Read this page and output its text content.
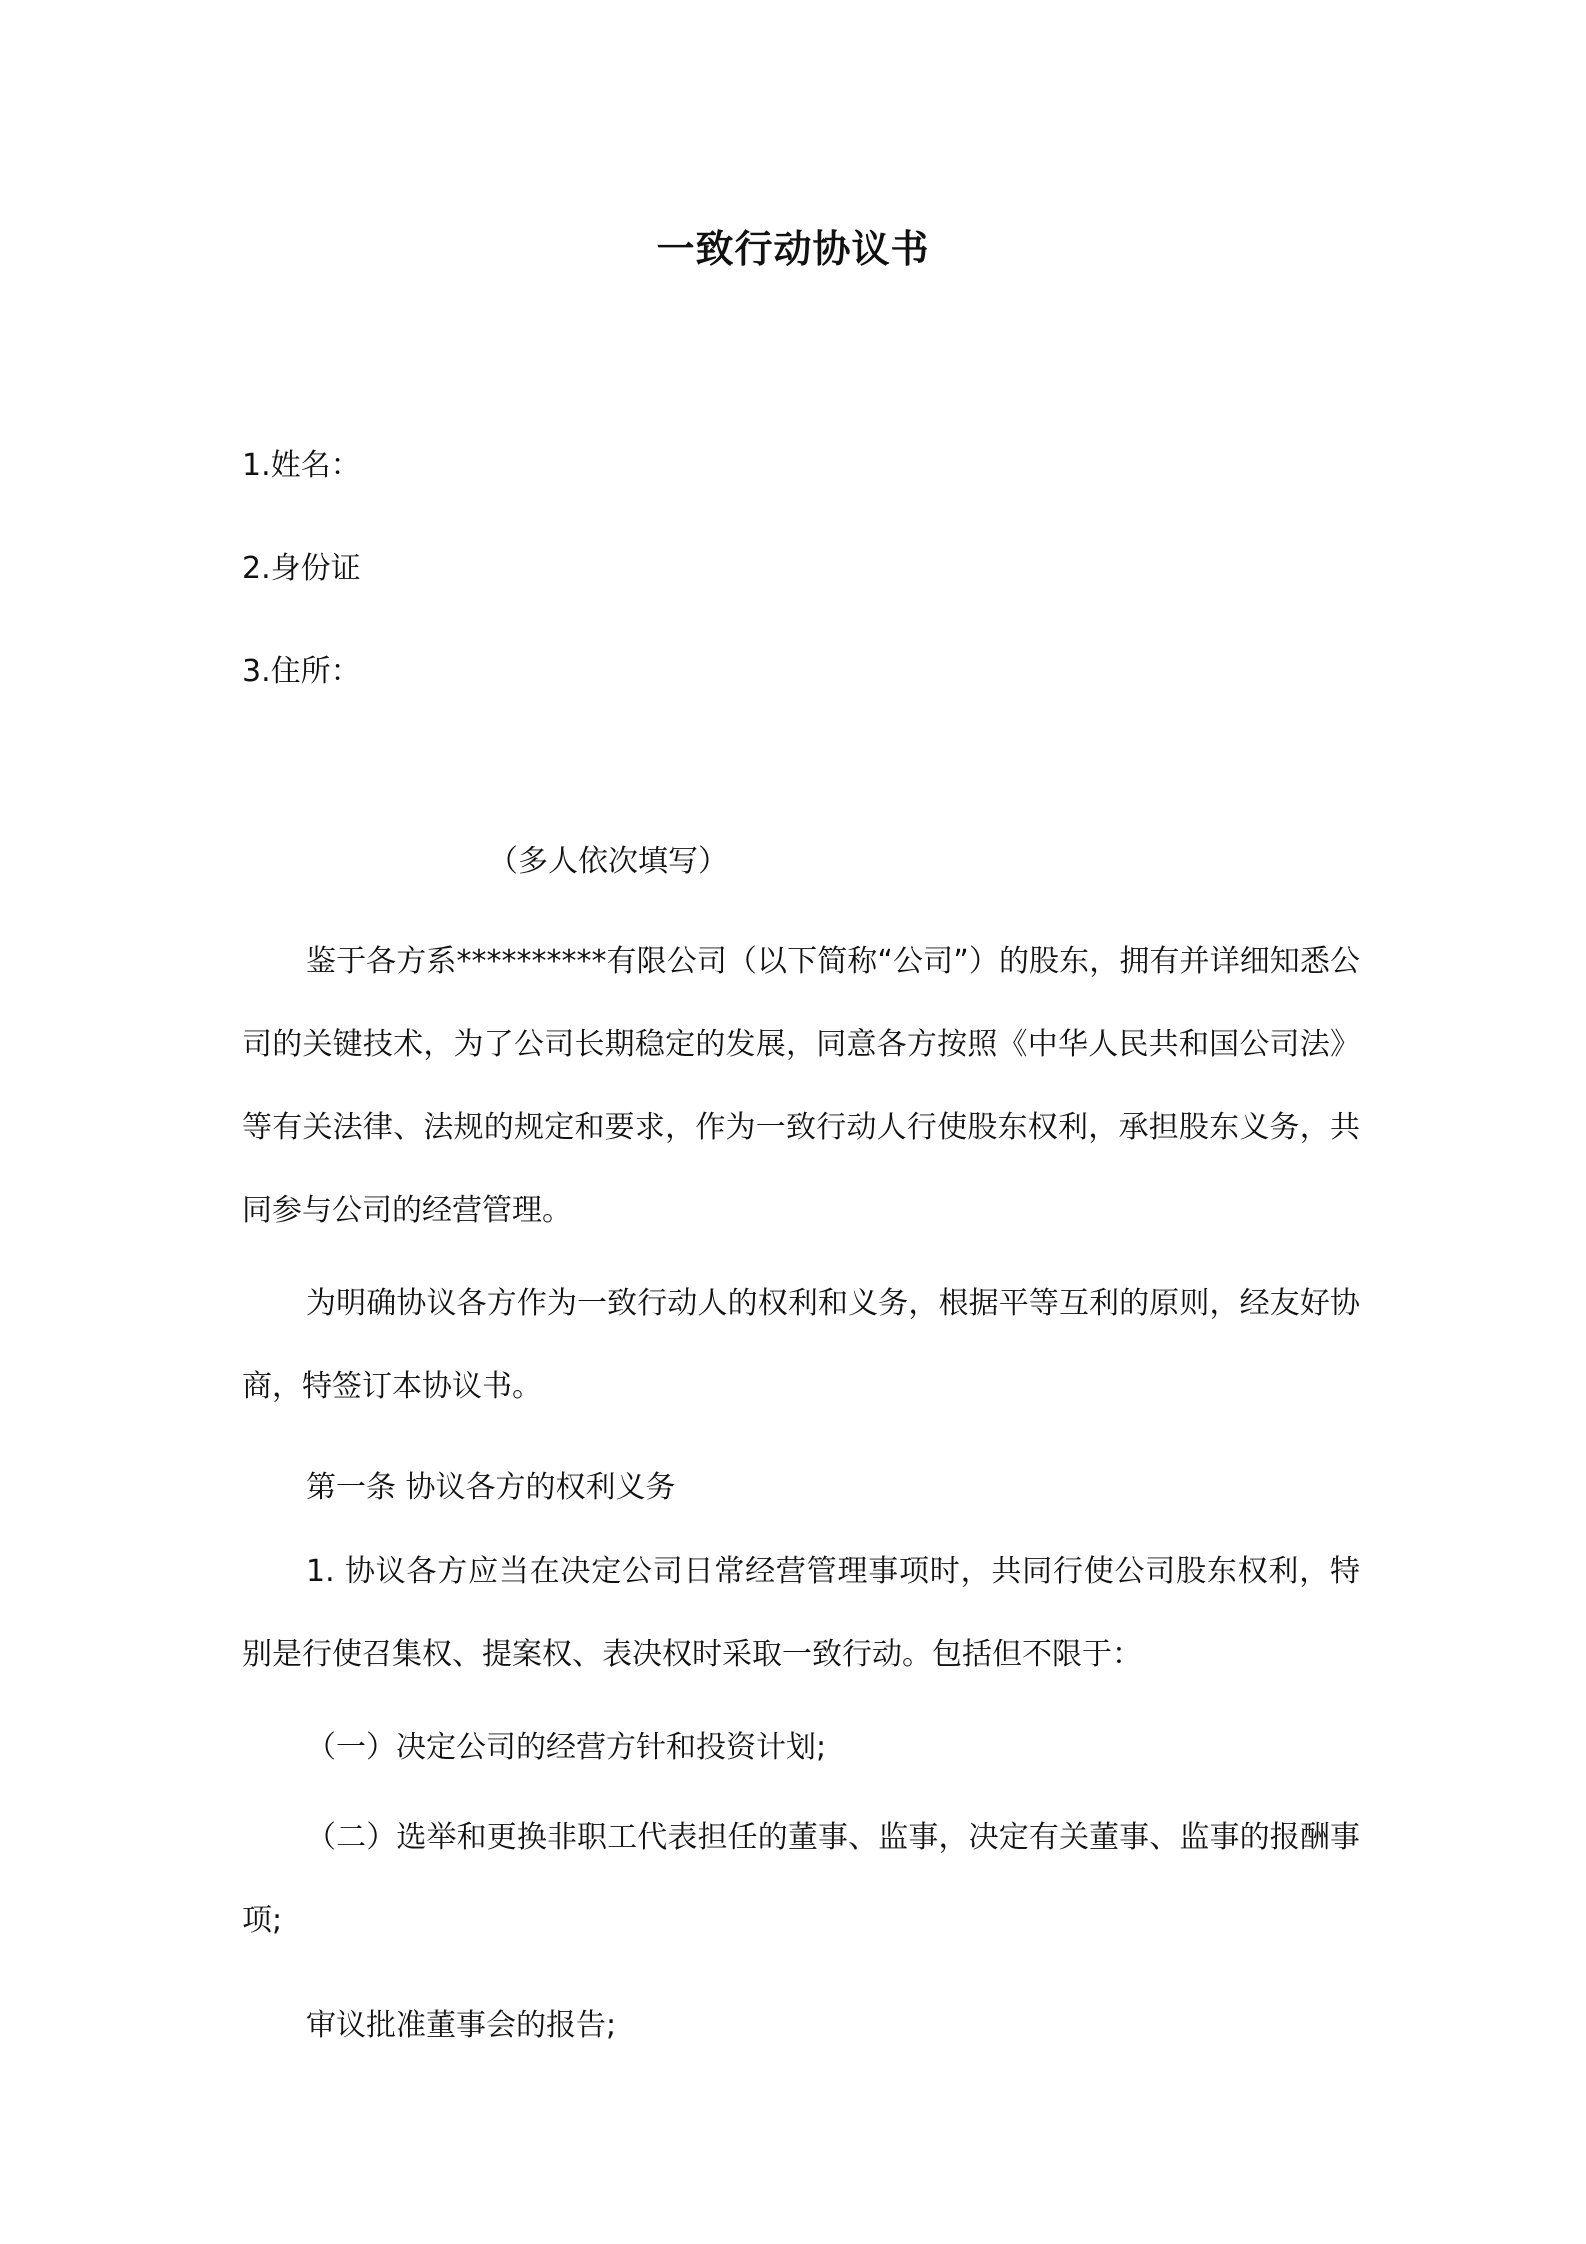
一致行动协议书
1.姓名：
2.身份证
3.住所：
（多人依次填写）

鉴于各方系**********有限公司（以下简称“公司”）的股东，拥有并详细知悉公司的关键技术，为了公司长期稳定的发展，同意各方按照《中华人民共和国公司法》等有关法律、法规的规定和要求，作为一致行动人行使股东权利，承担股东义务，共同参与公司的经营管理。

为明确协议各方作为一致行动人的权利和义务，根据平等互利的原则，经友好协商，特签订本协议书。

第一条 协议各方的权利义务

1. 协议各方应当在决定公司日常经营管理事项时，共同行使公司股东权利，特别是行使召集权、提案权、表决权时采取一致行动。包括但不限于：

（一）决定公司的经营方针和投资计划;

（二）选举和更换非职工代表担任的董事、监事，决定有关董事、监事的报酬事项;

审议批准董事会的报告;
